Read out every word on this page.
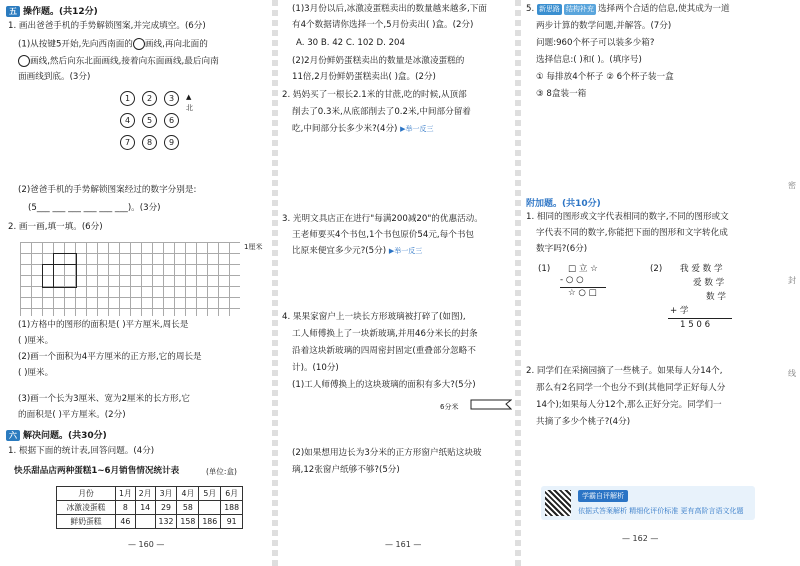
五 操作题。(共12分)
1. 画出爸爸手机的手势解锁图案,并完成填空。(6分)
(1)从按键5开始,先向西南面的 画线,再向北面的
画线,然后向东北面画线,接着向东面画线,最后向南
面画线到底。(3分)
1	2	3
4	5	6
7	8	9
▲
北
(2)爸爸手机的手势解锁图案经过的数字分别是:
(5___ ___ ___ ___ ___ ___)。(3分)
2. 画一画,填一填。(6分)
1厘米
(1)方格中的图形的面积是( )平方厘米,周长是
( )厘米。
(2)画一个面积为4平方厘米的正方形,它的周长是
( )厘米。
(3)画一个长为3厘米、宽为2厘米的长方形,它
的面积是( )平方厘米。(2分)
六 解决问题。(共30分)
1. 根据下面的统计表,回答问题。(4分)
快乐甜品店两种蛋糕1~6月销售情况统计表	(单位:盒)
月份	1月	2月	3月	4月	5月	6月
冰激凌蛋糕	8	14	29	58		188
鲜奶蛋糕	46		132	158	186	91
— 160 —
(1)3月份以后,冰激凌蛋糕卖出的数量越来越多,下面
有4个数据请你选择一个,5月份卖出( )盒。(2分)
A. 30 B. 42 C. 102 D. 204
(2)2月份鲜奶蛋糕卖出的数量是冰激凌蛋糕的
11倍,2月份鲜奶蛋糕卖出( )盒。(2分)
2. 妈妈买了一根长2.1米的甘蔗,吃的时候,从顶部
削去了0.3米,从底部削去了0.2米,中间部分留着
吃,中间部分长多少米?(4分) ▶举一反三
3. 光明文具店正在进行"每满200减20"的优惠活动。
王老师要买4个书包,1个书包原价54元,每个书包
比原来便宜多少元?(5分) ▶举一反三
4. 果果家窗户上一块长方形玻璃被打碎了(如图),
工人师傅换上了一块新玻璃,并用46分米长的封条
沿着这块新玻璃的四周密封固定(重叠部分忽略不
计)。(10分)
(1)工人师傅换上的这块玻璃的面积有多大?(5分)
6分米
(2)如果想用边长为3分米的正方形窗户纸贴这块玻
璃,12张窗户纸够不够?(5分)
— 161 —
5. 新思路 结构补充 选择两个合适的信息,使其成为一道
两步计算的数学问题,并解答。(7分)
问题:960个杯子可以装多少箱?
选择信息:( )和( )。(填序号)
① 每排放4个杯子 ② 6个杯子装一盒
③ 8盒装一箱
附加题。(共10分)
1. 相同的图形或文字代表相同的数字,不同的图形或文
字代表不同的数字,你能把下面的图形和文字转化成
数字吗?(6分)
(1) □ 立 ☆
- ○ ○
☆ ○ □
(2) 我 爱 数 学
爱 数 学
数 学
+ 学
1 5 0 6
2. 同学们在采摘园摘了一些桃子。如果每人分14个,
那么有2名同学一个也分不到(其他同学正好每人分
14个);如果每人分12个,那么正好分完。同学们一
共摘了多少个桃子?(4分)
学霸自评解析
依据式答案解析 精细化评价标准 更有高阶言语文化题
— 162 —
密
封
线
